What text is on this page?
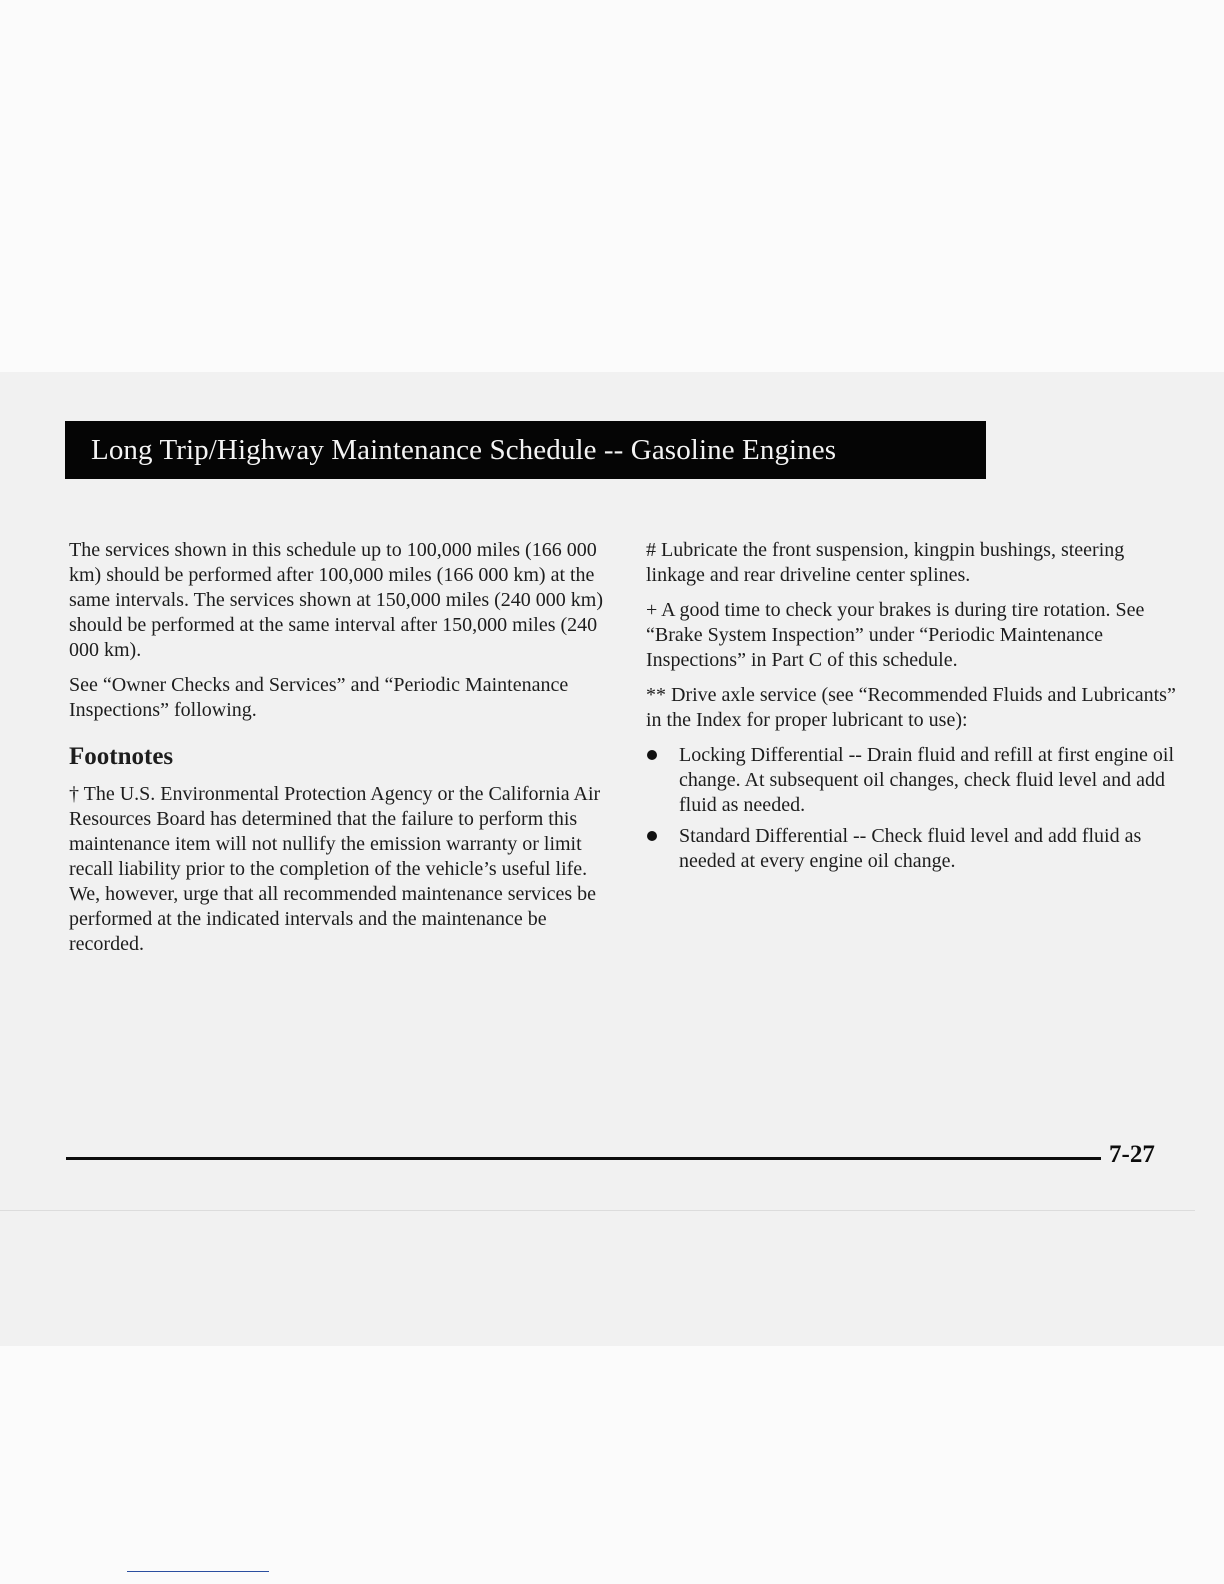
Long Trip/Highway Maintenance Schedule -- Gasoline Engines

The services shown in this schedule up to 100,000 miles (166 000 km) should be performed after 100,000 miles (166 000 km) at the same intervals. The services shown at 150,000 miles (240 000 km) should be performed at the same interval after 150,000 miles (240 000 km).

See “Owner Checks and Services” and “Periodic Maintenance Inspections” following.

Footnotes

† The U.S. Environmental Protection Agency or the California Air Resources Board has determined that the failure to perform this maintenance item will not nullify the emission warranty or limit recall liability prior to the completion of the vehicle’s useful life. We, however, urge that all recommended maintenance services be performed at the indicated intervals and the maintenance be recorded.

# Lubricate the front suspension, kingpin bushings, steering linkage and rear driveline center splines.

+ A good time to check your brakes is during tire rotation. See “Brake System Inspection” under “Periodic Maintenance Inspections” in Part C of this schedule.

** Drive axle service (see “Recommended Fluids and Lubricants” in the Index for proper lubricant to use):

Locking Differential -- Drain fluid and refill at first engine oil change. At subsequent oil changes, check fluid level and add fluid as needed.
Standard Differential -- Check fluid level and add fluid as needed at every engine oil change.
7-27
